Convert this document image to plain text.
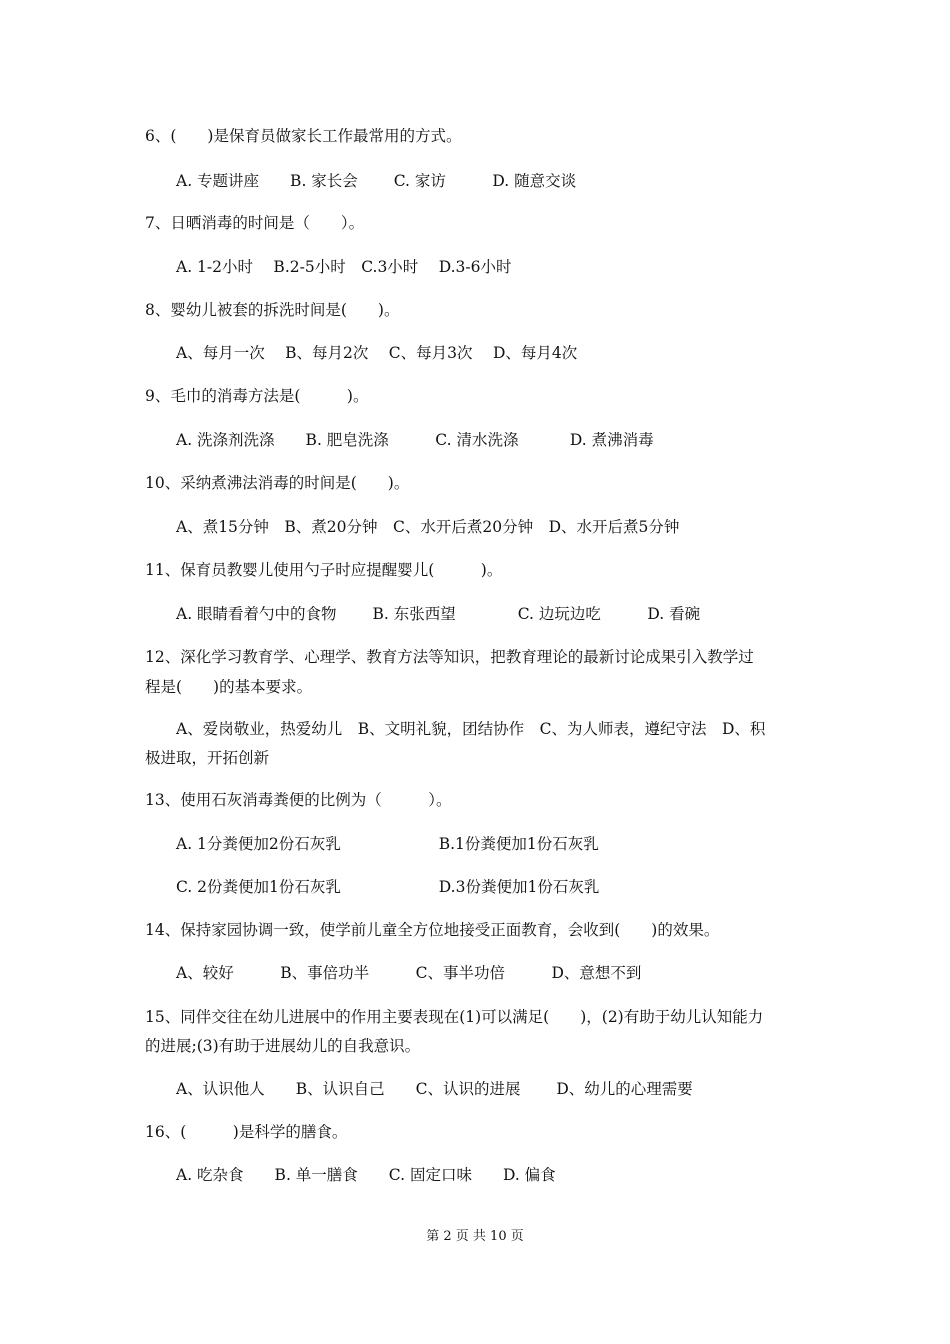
6、(　　)是保育员做家长工作最常用的方式。
A. 专题讲座　　B. 家长会　　 C. 家访　　　D. 随意交谈
7、日晒消毒的时间是（　　）。
A. 1-2小时　 B.2-5小时　C.3小时　 D.3-6小时
8、婴幼儿被套的拆洗时间是(　　)。
A、每月一次　 B、每月2次　 C、每月3次　 D、每月4次
9、毛巾的消毒方法是(　　　)。
A. 洗涤剂洗涤　　B. 肥皂洗涤　　　C. 清水洗涤　　　 D. 煮沸消毒
10、采纳煮沸法消毒的时间是(　　)。
A、煮15分钟　B、煮20分钟　C、水开后煮20分钟　D、水开后煮5分钟
11、保育员教婴儿使用勺子时应提醒婴儿(　　　)。
A. 眼睛看着勺中的食物　　 B. 东张西望　　　　C. 边玩边吃　　　D. 看碗
12、深化学习教育学、心理学、教育方法等知识，把教育理论的最新讨论成果引入教学过
程是(　　)的基本要求。
A、爱岗敬业，热爱幼儿　B、文明礼貌，团结协作　C、为人师表，遵纪守法　D、积
极进取，开拓创新
13、使用石灰消毒粪便的比例为（　　　）。
A. 1分粪便加2份石灰乳　　　　　　 B.1份粪便加1份石灰乳
C. 2份粪便加1份石灰乳　　　　　　 D.3份粪便加1份石灰乳
14、保持家园协调一致，使学前儿童全方位地接受正面教育，会收到(　　)的效果。
A、较好　　　B、事倍功半　　　C、事半功倍　　　D、意想不到
15、同伴交往在幼儿进展中的作用主要表现在(1)可以满足(　　)，(2)有助于幼儿认知能力
的进展;(3)有助于进展幼儿的自我意识。
A、认识他人　　B、认识自己　　C、认识的进展　　 D、幼儿的心理需要
16、(　　　)是科学的膳食。
A. 吃杂食　　B. 单一膳食　　C. 固定口味　　D. 偏食
第 2 页 共 10 页
